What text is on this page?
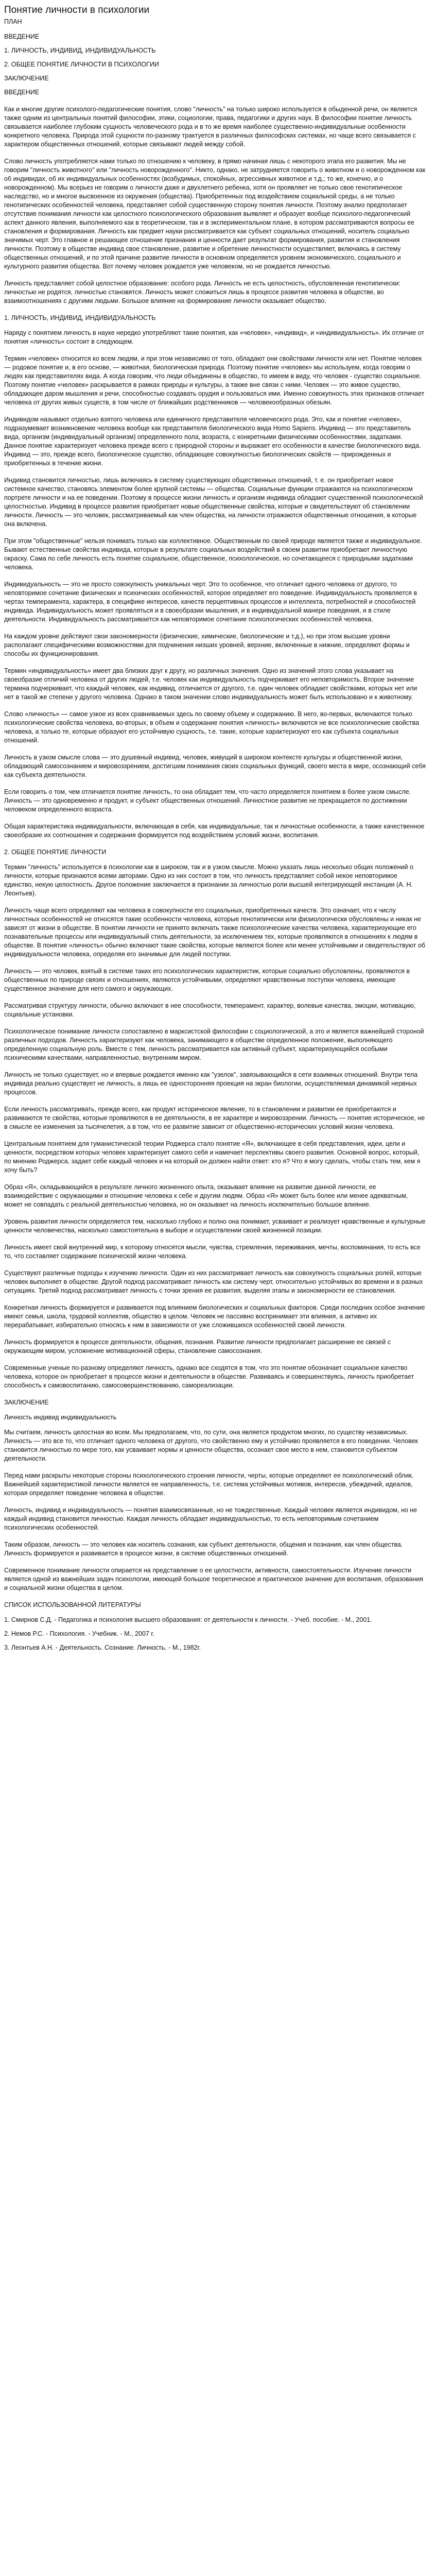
Понятие личности в психологии
ПЛАН
ВВЕДЕНИЕ
1. ЛИЧНОСТЬ, ИНДИВИД, ИНДИВИДУАЛЬНОСТЬ
2. ОБЩЕЕ ПОНЯТИЕ ЛИЧНОСТИ В ПСИХОЛОГИИ
ЗАКЛЮЧЕНИЕ
ВВЕДЕНИЕ

Как и многие другие психолого-педагогические понятия, слово "личность" на только широко используется в обыденной речи, он является также одним из центральных понятий философии, этики, социологии, права, педагогики и других наук. В философии понятие личность связывается наиболее глубоким сущность человеческого рода и в то же время наиболее существенно-индивидуальные особенности конкретного человека. Природа этой сущности по-разному трактуется в различных философских системах, но чаще всего связывается с характером общественных отношений, которые связывают людей между собой.

Слово личность употребляется нами только по отношению к человеку, в прямо начиная лишь с некоторого этапа его развития. Мы не говорим "личность животного" или "личность новорожденного". Никто, однако, не затрудняется говорить о животном и о новорожденном как об индивидах, об их индивидуальных особенностях (возбудимых, спокойных, агрессивных животное и т.д.; то же, конечно, и о новорожденном). Мы всерьез не говорим о личности даже и двухлетнего ребенка, хотя он проявляет не только свое генотипическое наследство, но и многое высвоенное из окружения (общества). Приобретенных под воздействием социальной среды, а не только генотипических особенностей человека, представляет собой существенную сторону понятия личности. Поэтому анализ предполагает отсутствие понимания личности как целостного психологического образования выявляет и образует вообще психолого-педагогический аспект данного явления, выполняемого как в теоретическом, так и в экспериментальном плане, в котором рассматриваются вопросы ее становления и формирования. Личность как предмет науки рассматривается как субъект социальных отношений, носитель социально значимых черт. Это главное и решающее отношение признания и ценности дает результат формирования, развития и становления личности. Поэтому в обществе индивид свое становление, развитие и обретение личностности осуществляет, включаясь в систему общественных отношений, и по этой причине развитие личности в основном определяется уровнем экономического, социального и культурного развития общества. Вот почему человек рождается уже человеком, но не рождается личностью.

Личность представляет собой целостное образование: особого рода. Личность не есть целостность, обусловленная генотипически: личностью не родятся, личностью становятся. Личность может сложиться лишь в процессе развития человека в обществе, во взаимоотношениях с другими людьми. Большое влияние на формирование личности оказывает общество.

1. ЛИЧНОСТЬ, ИНДИВИД, ИНДИВИДУАЛЬНОСТЬ

Наряду с понятием личность в науке нередко употребляют такие понятия, как «человек», «индивид», и «индивидуальность». Их отличие от понятия «личность» состоит в следующем.

Термин «человек» относится ко всем людям, и при этом независимо от того, обладают они свойствами личности или нет. Понятие человек — родовое понятие и, в его основе, — животная, биологическая природа. Поэтому понятие «человек» мы используем, когда говорим о людях как представителях вида. А когда говорим, что люди объединены в общество, то имеем в виду, что человек - существо социальное. Поэтому понятие «человек» раскрывается в рамках природы и культуры, а также вне связи с ними. Человек — это живое существо, обладающее даром мышления и речи, способностью создавать орудия и пользоваться ими. Именно совокупность этих признаков отличает человека от других живых существ, в том числе от ближайших родственников — человекообразных обезьян.

Индивидом называют отдельно взятого человека или единичного представителя человеческого рода. Это, как и понятие «человек», подразумевает возникновение человека вообще как представителя биологического вида Homo Sapiens. Индивид — это представитель вида, организм (индивидуальный организм) определенного пола, возраста, с конкретными физическими особенностями, задатками. Данное понятие характеризует человека прежде всего с природной стороны и выражает его особенности в качестве биологического вида. Индивид — это, прежде всего, биологическое существо, обладающее совокупностью биологических свойств — прирожденных и приобретенных в течение жизни.

Индивид становится личностью, лишь включаясь в систему существующих общественных отношений, т. е. он приобретает новое системное качество, становясь элементом более крупной системы — общества. Социальные функции отражаются на психологическом портрете личности и на ее поведении. Поэтому в процессе жизни личность и организм индивида обладают существенной психологической целостностью. Индивид в процессе развития приобретает новые общественные свойства, которые и свидетельствуют об становлении личности. Личность — это человек, рассматриваемый как член общества, на личности отражаются общественные отношения, в которые она включена.

При этом "общественные" нельзя понимать только как коллективное. Общественным по своей природе является также и индивидуальное. Бывают естественные свойства индивида, которые в результате социальных воздействий в своем развитии приобретают личностную окраску. Сама по себе личность есть понятие социальное, общественное, психологическое, но сочетающееся с природными задатками человека.

Индивидуальность — это не просто совокупность уникальных черт. Это то особенное, что отличает одного человека от другого, то неповторимое сочетание физических и психических особенностей, которое определяет его поведение. Индивидуальность проявляется в чертах темперамента, характера, в специфике интересов, качеств перцептивных процессов и интеллекта, потребностей и способностей индивида. Индивидуальность может проявляться и в своеобразии мышления, и в индивидуальной манере поведения, и в стиле деятельности. Индивидуальность рассматривается как неповторимое сочетание психологических особенностей человека.

На каждом уровне действуют свои закономерности (физические, химические, биологические и т.д.), но при этом высшие уровни располагают специфическими возможностями для подчинения низших уровней, верхние, включенные в нижние, определяют формы и способы их функционирования.

Термин «индивидуальность» имеет два близких друг к другу, но различных значения. Одно из значений этого слова указывает на своеобразие отличий человека от других людей, т.е. человек как индивидуальность подчеркивает его неповторимость. Второе значение термина подчеркивает, что каждый человек, как индивид, отличается от другого, т.е. один человек обладает свойствами, которых нет или нет в такой же степени у другого человека. Однако в таком значении слово индивидуальность может быть использовано и к животному.

Слово «личность» — самое узкое из всех сравниваемых здесь по своему объему и содержанию. В него, во-первых, включаются только психологические свойства человека, во-вторых, в объем и содержание понятия «личность» включаются не все психологические свойства человека, а только те, которые образуют его устойчивую сущность, т.е. такие, которые характеризуют его как субъекта социальных отношений.

Личность в узком смысле слова — это душевный индивид, человек, живущий в широком контексте культуры и общественной жизни, обладающий самосознанием и мировоззрением, достигшим понимания своих социальных функций, своего места в мире, осознающий себя как субъекта деятельности.

Если говорить о том, чем отличается понятие личность, то она обладает тем, что часто определяется понятием в более узком смысле. Личность — это одновременно и продукт, и субъект общественных отношений. Личностное развитие не прекращается по достижении человеком определенного возраста.

Общая характеристика индивидуальности, включающая в себя, как индивидуальные, так и личностные особенности, а также качественное своеобразие их соотношения и содержания формируется под воздействием условий жизни, воспитания.

2. ОБЩЕЕ ПОНЯТИЕ ЛИЧНОСТИ

Термин "личность" используется в психологии как в широком, так и в узком смысле. Можно указать лишь несколько общих положений о личности, которые признаются всеми авторами. Одно из них состоит в том, что личность представляет собой некое неповторимое единство, некую целостность. Другое положение заключается в признании за личностью роли высшей интегрирующей инстанции (А. Н. Леонтьев).

Личность чаще всего определяют как человека в совокупности его социальных, приобретенных качеств. Это означает, что к числу личностных особенностей не относятся такие особенности человека, которые генотипически или физиологически обусловлены и никак не зависят от жизни в обществе. В понятии личности не принято включать также психологические качества человека, характеризующие его познавательные процессы или индивидуальный стиль деятельности, за исключением тех, которые проявляются в отношениях к людям в обществе. В понятие «личность» обычно включают такие свойства, которые являются более или менее устойчивыми и свидетельствуют об индивидуальности человека, определяя его значимые для людей поступки.

Личность — это человек, взятый в системе таких его психологических характеристик, которые социально обусловлены, проявляются в общественных по природе связях и отношениях, являются устойчивыми, определяют нравственные поступки человека, имеющие существенное значение для него самого и окружающих.

Рассматривая структуру личности, обычно включают в нее способности, темперамент, характер, волевые качества, эмоции, мотивацию, социальные установки.

Психологическое понимание личности сопоставлено в марксистской философии с социологической, а это и является важнейшей стороной различных подходов. Личность характеризуют как человека, занимающего в обществе определенное положение, выполняющего определенную социальную роль. Вместе с тем, личность рассматривается как активный субъект, характеризующийся особыми психическими качествами, направленностью, внутренним миром.

Личность не только существует, но и впервые рождается именно как "узелок", завязывающийся в сети взаимных отношений. Внутри тела индивида реально существует не личность, а лишь ее односторонняя проекция на экран биологии, осуществляемая динамикой нервных процессов.

Если личность рассматривать, прежде всего, как продукт историческое явление, то в становлении и развитии ее приобретаются и развиваются те свойства, которые проявляются в ее деятельности, в ее характере и мировоззрении. Личность — понятие историческое, не в смысле ее изменения за тысячелетия, а в том, что ее развитие зависит от общественно-исторических условий жизни человека.

Центральным понятием для гуманистической теории Роджерса стало понятие «Я», включающее в себя представления, идеи, цели и ценности, посредством которых человек характеризует самого себя и намечает перспективы своего развития. Основной вопрос, который, по мнению Роджерса, задает себе каждый человек и на который он должен найти ответ: кто я? Что я могу сделать, чтобы стать тем, кем я хочу быть?

Образ «Я», складывающийся в результате личного жизненного опыта, оказывает влияние на развитие данной личности, ее взаимодействие с окружающими и отношение человека к себе и другим людям. Образ «Я» может быть более или менее адекватным, может не совпадать с реальной деятельностью человека, но он оказывает на личность исключительно большое влияние.

Уровень развития личности определяется тем, насколько глубоко и полно она понимает, усваивает и реализует нравственные и культурные ценности человечества, насколько самостоятельна в выборе и осуществлении своей жизненной позиции.

Личность имеет свой внутренний мир, к которому относятся мысли, чувства, стремления, переживания, мечты, воспоминания, то есть все то, что составляет содержание психической жизни человека.

Существуют различные подходы к изучению личности. Один из них рассматривает личность как совокупность социальных ролей, которые человек выполняет в обществе. Другой подход рассматривает личность как систему черт, относительно устойчивых во времени и в разных ситуациях. Третий подход рассматривает личность с точки зрения ее развития, выделяя этапы и закономерности ее становления.

Конкретная личность формируется и развивается под влиянием биологических и социальных факторов. Среди последних особое значение имеют семья, школа, трудовой коллектив, общество в целом. Человек не пассивно воспринимает эти влияния, а активно их перерабатывает, избирательно относясь к ним в зависимости от уже сложившихся особенностей своей личности.

Личность формируется в процессе деятельности, общения, познания. Развитие личности предполагает расширение ее связей с окружающим миром, усложнение мотивационной сферы, становление самосознания.

Современные ученые по-разному определяют личность, однако все сходятся в том, что это понятие обозначает социальное качество человека, которое он приобретает в процессе жизни и деятельности в обществе. Развиваясь и совершенствуясь, личность приобретает способность к самовоспитанию, самосовершенствованию, самореализации.

ЗАКЛЮЧЕНИЕ
Личность индивид индивидуальность

Мы считаем, личность целостная во всем. Мы предполагаем, что, по сути, она является продуктом многих, по существу независимых. Личность — это все то, что отличает одного человека от другого, что свойственно ему и устойчиво проявляется в его поведении. Человек становится личностью по мере того, как усваивает нормы и ценности общества, осознает свое место в нем, становится субъектом деятельности.

Перед нами раскрыты некоторые стороны психологического строения личности, черты, которые определяют ее психологический облик. Важнейшей характеристикой личности является ее направленность, т.е. система устойчивых мотивов, интересов, убеждений, идеалов, которая определяет поведение человека в обществе.

Личность, индивид и индивидуальность — понятия взаимосвязанные, но не тождественные. Каждый человек является индивидом, но не каждый индивид становится личностью. Каждая личность обладает индивидуальностью, то есть неповторимым сочетанием психологических особенностей.

Таким образом, личность — это человек как носитель сознания, как субъект деятельности, общения и познания, как член общества. Личность формируется и развивается в процессе жизни, в системе общественных отношений.

Современное понимание личности опирается на представление о ее целостности, активности, самостоятельности. Изучение личности является одной из важнейших задач психологии, имеющей большое теоретическое и практическое значение для воспитания, образования и социальной жизни общества в целом.

СПИСОК ИСПОЛЬЗОВАННОЙ ЛИТЕРАТУРЫ

1. Смирнов С.Д. - Педагогика и психология высшего образования: от деятельности к личности. - Учеб. пособие. - М., 2001.

2. Немов Р.С. - Психология. - Учебник. - М., 2007 г.

3. Леонтьев А.Н. - Деятельность. Сознание. Личность. - М., 1982г.
